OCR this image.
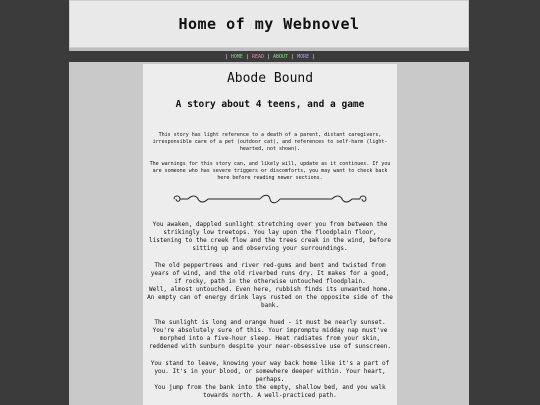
Home of my Webnovel
| HOME | READ | ABOUT | MORE |
Abode Bound
A story about 4 teens, and a game

This story has light reference to a death of a parent, distant caregivers, irresponsible care of a pet (outdoor cat), and references to self-harm (light-hearted, not shown).

The warnings for this story can, and likely will, update as it continues. If you are someone who has severe triggers or discomforts, you may want to check back here before reading newer sections.

You awaken, dappled sunlight stretching over you from between the strikingly low treetops. You lay upon the floodplain floor, listening to the creek flow and the trees creak in the wind, before sitting up and observing your surroundings.

The old peppertrees and river red-gums and bent and twisted from years of wind, and the old riverbed runs dry. It makes for a good, if rocky, path in the otherwise untouched floodplain.
Well, almost untouched. Even here, rubbish finds its unwanted home. An empty can of energy drink lays rusted on the opposite side of the bank.

The sunlight is long and orange hued - it must be nearly sunset. You're absolutely sure of this. Your impromptu midday nap must've morphed into a five-hour sleep. Heat radiates from your skin, reddened with sunburn despite your near-obsessive use of sunscreen.

You stand to leave, knowing your way back home like it's a part of you. It's in your blood, or somewhere deeper within. Your heart, perhaps.
You jump from the bank into the empty, shallow bed, and you walk towards north. A well-practiced path.
